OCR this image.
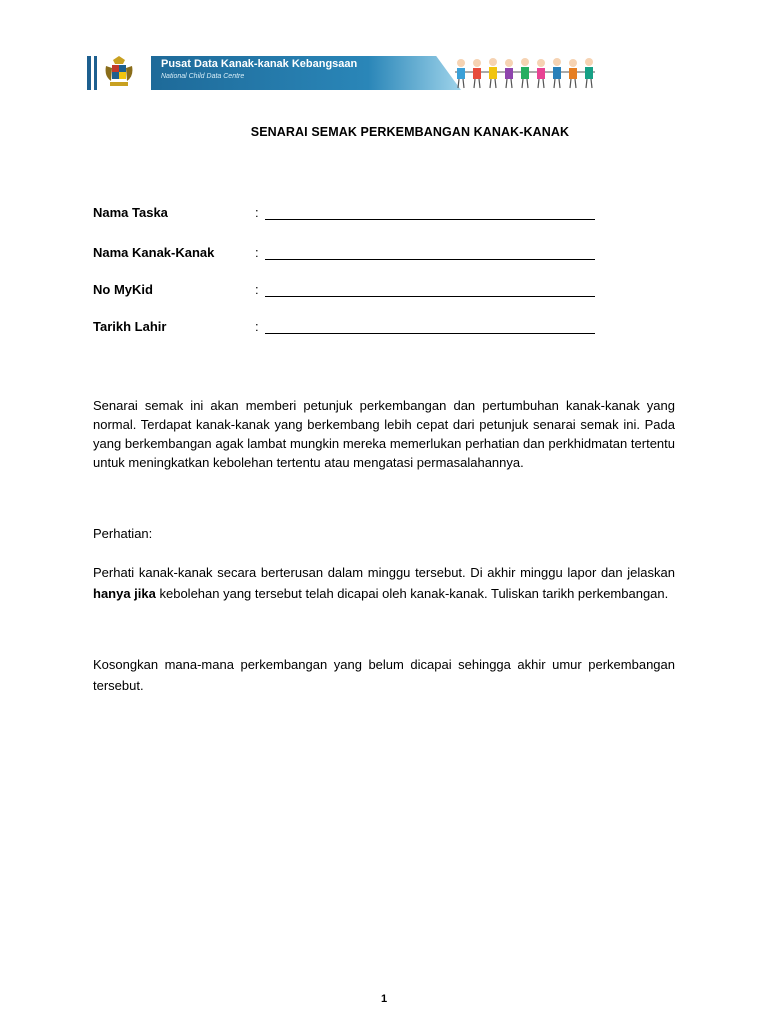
Pusat Data Kanak-kanak Kebangsaan
National Child Data Centre
SENARAI SEMAK PERKEMBANGAN KANAK-KANAK
Nama Taska	:
Nama Kanak-Kanak	:
No MyKid	:
Tarikh Lahir	:
Senarai semak ini akan memberi petunjuk perkembangan dan pertumbuhan kanak-kanak yang normal. Terdapat kanak-kanak yang berkembang lebih cepat dari petunjuk senarai semak ini. Pada yang berkembangan agak lambat mungkin mereka memerlukan perhatian dan perkhidmatan tertentu untuk meningkatkan kebolehan tertentu atau mengatasi permasalahannya.
Perhatian:
Perhati kanak-kanak secara berterusan dalam minggu tersebut. Di akhir minggu lapor dan jelaskan hanya jika kebolehan yang tersebut telah dicapai oleh kanak-kanak. Tuliskan tarikh perkembangan.
Kosongkan mana-mana perkembangan yang belum dicapai sehingga akhir umur perkembangan tersebut.
1
